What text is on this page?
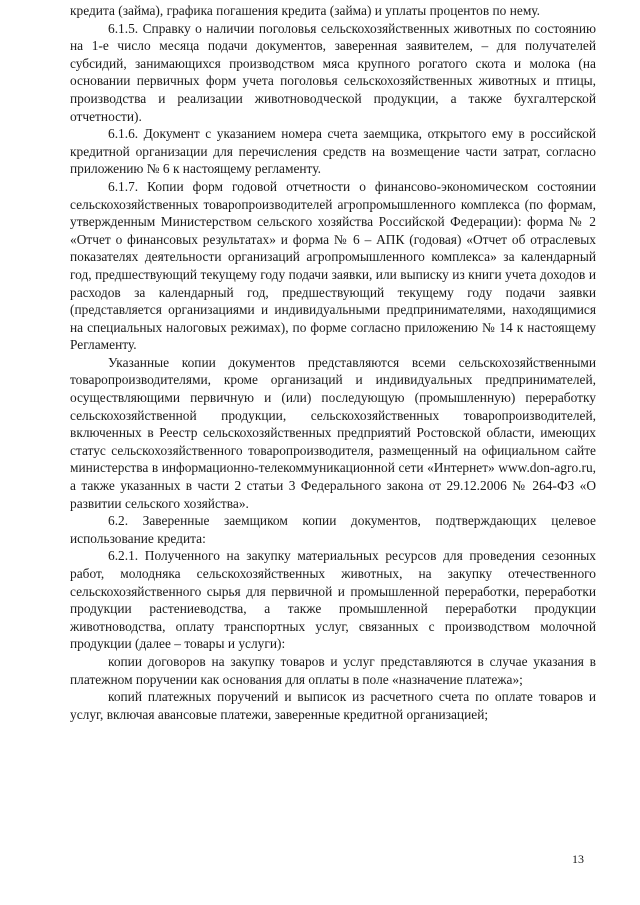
кредита (займа), графика погашения кредита (займа) и уплаты процентов по нему.

6.1.5. Справку о наличии поголовья сельскохозяйственных животных по состоянию на 1-е число месяца подачи документов, заверенная заявителем, – для получателей субсидий, занимающихся производством мяса крупного рогатого скота и молока (на основании первичных форм учета поголовья сельскохозяйственных животных и птицы, производства и реализации животноводческой продукции, а также бухгалтерской отчетности).

6.1.6. Документ с указанием номера счета заемщика, открытого ему в российской кредитной организации для перечисления средств на возмещение части затрат, согласно приложению № 6 к настоящему регламенту.

6.1.7. Копии форм годовой отчетности о финансово-экономическом состоянии сельскохозяйственных товаропроизводителей агропромышленного комплекса (по формам, утвержденным Министерством сельского хозяйства Российской Федерации): форма № 2 «Отчет о финансовых результатах» и форма № 6 – АПК (годовая) «Отчет об отраслевых показателях деятельности организаций агропромышленного комплекса» за календарный год, предшествующий текущему году подачи заявки, или выписку из книги учета доходов и расходов за календарный год, предшествующий текущему году подачи заявки (представляется организациями и индивидуальными предпринимателями, находящимися на специальных налоговых режимах), по форме согласно приложению № 14 к настоящему Регламенту.

Указанные копии документов представляются всеми сельскохозяйственными товаропроизводителями, кроме организаций и индивидуальных предпринимателей, осуществляющими первичную и (или) последующую (промышленную) переработку сельскохозяйственной продукции, сельскохозяйственных товаропроизводителей, включенных в Реестр сельскохозяйственных предприятий Ростовской области, имеющих статус сельскохозяйственного товаропроизводителя, размещенный на официальном сайте министерства в информационно-телекоммуникационной сети «Интернет» www.don-agro.ru, а также указанных в части 2 статьи 3 Федерального закона от 29.12.2006 № 264-ФЗ «О развитии сельского хозяйства».

6.2. Заверенные заемщиком копии документов, подтверждающих целевое использование кредита:

6.2.1. Полученного на закупку материальных ресурсов для проведения сезонных работ, молодняка сельскохозяйственных животных, на закупку отечественного сельскохозяйственного сырья для первичной и промышленной переработки, переработки продукции растениеводства, а также промышленной переработки продукции животноводства, оплату транспортных услуг, связанных с производством молочной продукции (далее – товары и услуги):

копии договоров на закупку товаров и услуг представляются в случае указания в платежном поручении как основания для оплаты в поле «назначение платежа»;

копий платежных поручений и выписок из расчетного счета по оплате товаров и услуг, включая авансовые платежи, заверенные кредитной организацией;

13
